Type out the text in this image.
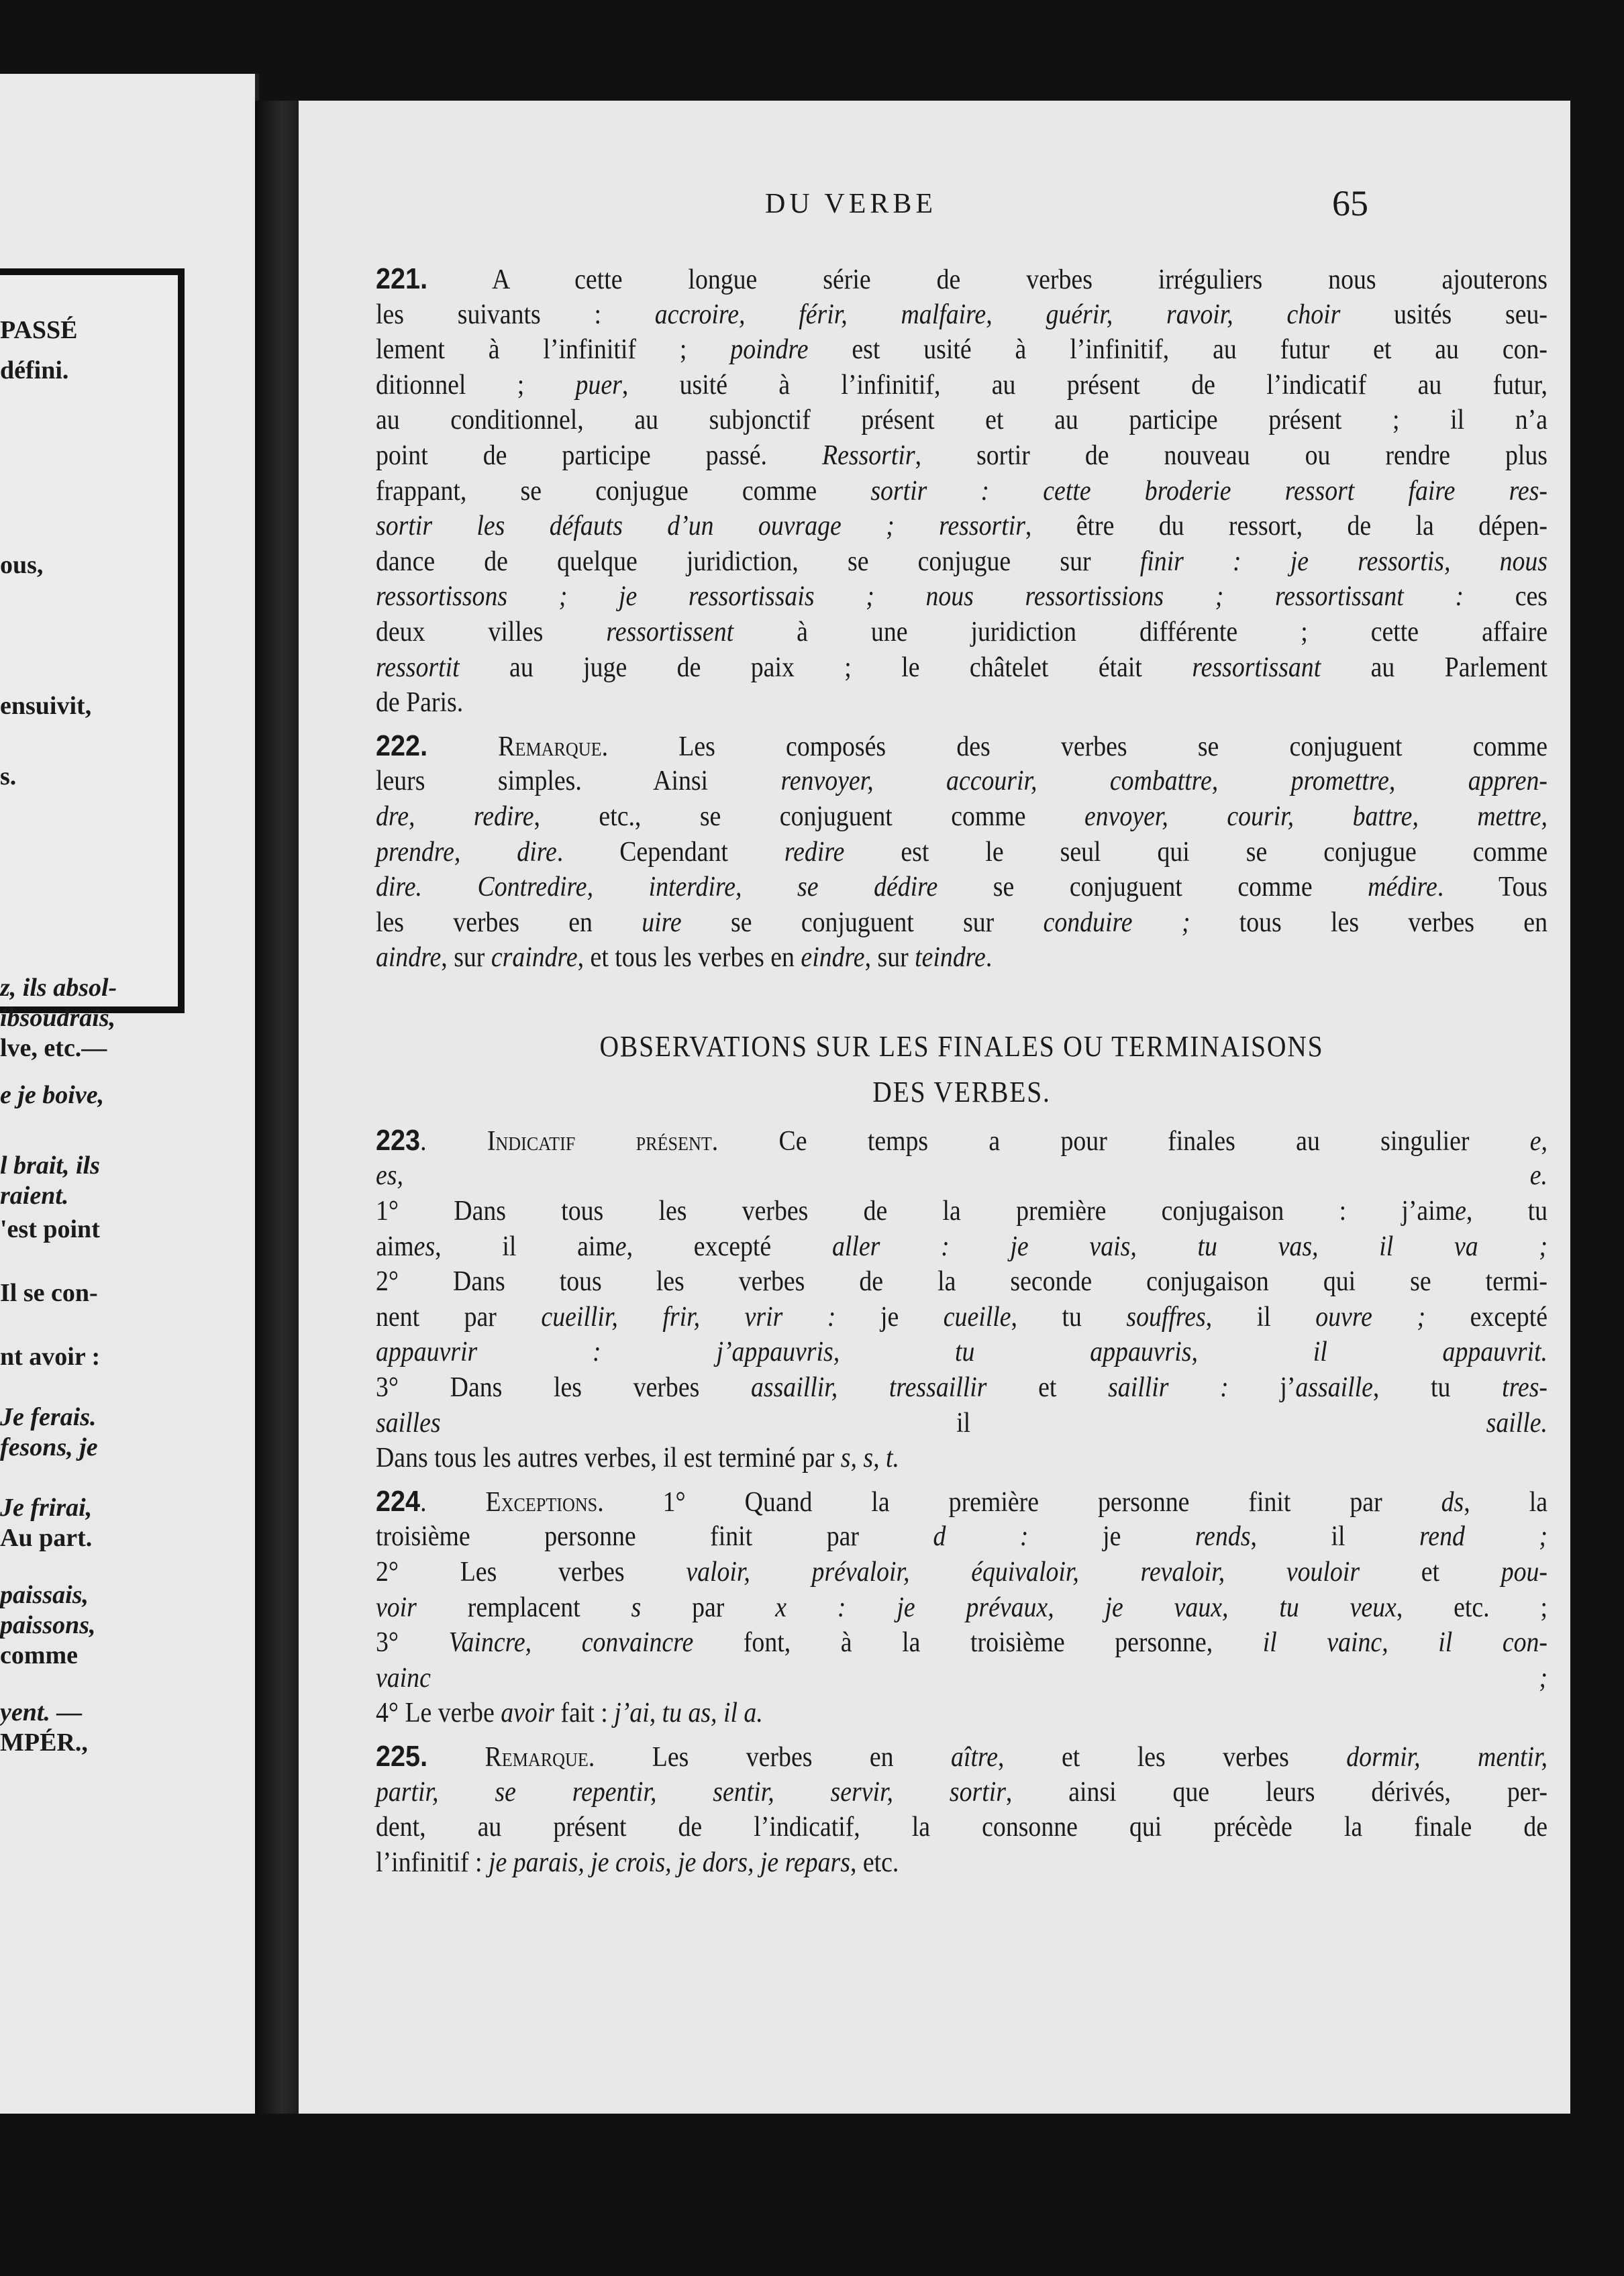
PASSÉ
défini.
ous,
ensuivit,
s.
z, ils absol-
ibsoudrais,
lve, etc.—
e je boive,
l brait, ils
raient.
'est point
Il se con-
nt avoir :
Je ferais.
fesons, je
Je frirai,
Au part.
paissais,
paissons,
comme
yent. —
MPÉR.,
DU VERBE	65
221. A cette longue série de verbes irréguliers nous ajouterons
les suivants : accroire, férir, malfaire, guérir, ravoir, choir usités seu-
lement à l’infinitif ; poindre est usité à l’infinitif, au futur et au con-
ditionnel ; puer, usité à l’infinitif, au présent de l’indicatif au futur,
au conditionnel, au subjonctif présent et au participe présent ; il n’a
point de participe passé. Ressortir, sortir de nouveau ou rendre plus
frappant, se conjugue comme sortir : cette broderie ressort faire res-
sortir les défauts d’un ouvrage ; ressortir, être du ressort, de la dépen-
dance de quelque juridiction, se conjugue sur finir : je ressortis, nous
ressortissons ; je ressortissais ; nous ressortissions ; ressortissant : ces
deux villes ressortissent à une juridiction différente ; cette affaire
ressortit au juge de paix ; le châtelet était ressortissant au Parlement
de Paris.
222.	Remarque. Les composés des verbes se conjuguent comme
leurs simples. Ainsi renvoyer, accourir, combattre, promettre, appren-
dre, redire, etc., se conjuguent comme envoyer, courir, battre, mettre,
prendre, dire. Cependant redire est le seul qui se conjugue comme
dire. Contredire, interdire, se dédire se conjuguent comme médire. Tous
les verbes en uire se conjuguent sur conduire ; tous les verbes en
aindre, sur craindre, et tous les verbes en eindre, sur teindre.
OBSERVATIONS SUR LES FINALES OU TERMINAISONS
DES VERBES.
223. Indicatif présent. Ce temps a pour finales au singulier e,
es, e.
1° Dans tous les verbes de la première conjugaison : j’aime, tu
aimes, il aime, excepté aller : je vais, tu vas, il va ;
2° Dans tous les verbes de la seconde conjugaison qui se termi-
nent par cueillir, frir, vrir : je cueille, tu souffres, il ouvre ; excepté
appauvrir : j’appauvris, tu appauvris, il appauvrit.
3° Dans les verbes assaillir, tressaillir et saillir : j’assaille, tu tres-
sailles il saille.
Dans tous les autres verbes, il est terminé par s, s, t.
224. Exceptions. 1° Quand la première personne finit par ds, la
troisième personne finit par d : je rends, il rend ;
2° Les verbes valoir, prévaloir, équivaloir, revaloir, vouloir et pou-
voir remplacent s par x : je prévaux, je vaux, tu veux, etc. ;
3° Vaincre, convaincre font, à la troisième personne, il vainc, il con-
vainc ;
4° Le verbe avoir fait : j’ai, tu as, il a.
225. Remarque. Les verbes en aître, et les verbes dormir, mentir,
partir, se repentir, sentir, servir, sortir, ainsi que leurs dérivés, per-
dent, au présent de l’indicatif, la consonne qui précède la finale de
l’infinitif : je parais, je crois, je dors, je repars, etc.
